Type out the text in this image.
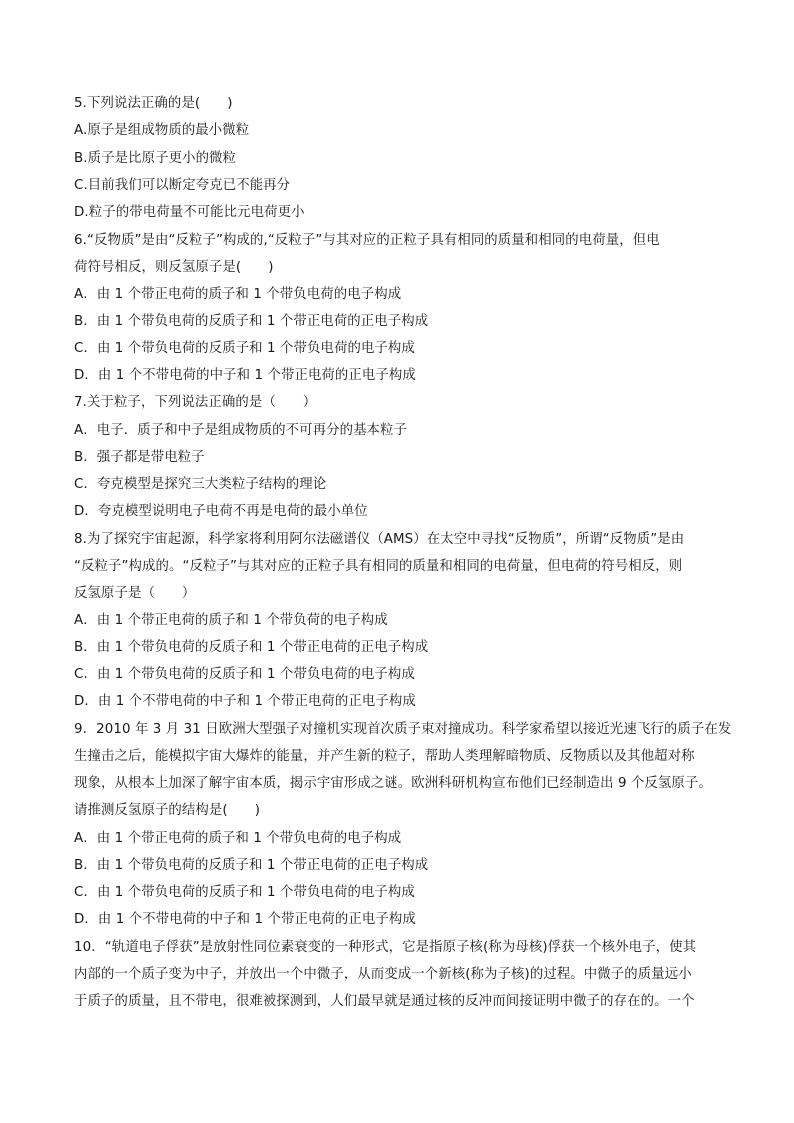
5.下列说法正确的是(　　)
A.原子是组成物质的最小微粒
B.质子是比原子更小的微粒
C.目前我们可以断定夸克已不能再分
D.粒子的带电荷量不可能比元电荷更小
6.“反物质”是由“反粒子”构成的,“反粒子”与其对应的正粒子具有相同的质量和相同的电荷量，但电
荷符号相反，则反氢原子是(　　)
A．由 1 个带正电荷的质子和 1 个带负电荷的电子构成
B．由 1 个带负电荷的反质子和 1 个带正电荷的正电子构成
C．由 1 个带负电荷的反质子和 1 个带负电荷的电子构成
D．由 1 个不带电荷的中子和 1 个带正电荷的正电子构成
7.关于粒子，下列说法正确的是（　　）
A．电子．质子和中子是组成物质的不可再分的基本粒子
B．强子都是带电粒子
C．夸克模型是探究三大类粒子结构的理论
D．夸克模型说明电子电荷不再是电荷的最小单位
8.为了探究宇宙起源，科学家将利用阿尔法磁谱仪（AMS）在太空中寻找“反物质”，所谓“反物质”是由
“反粒子”构成的。“反粒子”与其对应的正粒子具有相同的质量和相同的电荷量，但电荷的符号相反，则
反氢原子是（　　）
A．由 1 个带正电荷的质子和 1 个带负荷的电子构成
B．由 1 个带负电荷的反质子和 1 个带正电荷的正电子构成
C．由 1 个带负电荷的反质子和 1 个带负电荷的电子构成
D．由 1 个不带电荷的中子和 1 个带正电荷的正电子构成
9．2010 年 3 月 31 日欧洲大型强子对撞机实现首次质子束对撞成功。科学家希望以接近光速飞行的质子在发
生撞击之后，能模拟宇宙大爆炸的能量，并产生新的粒子，帮助人类理解暗物质、反物质以及其他超对称
现象，从根本上加深了解宇宙本质，揭示宇宙形成之谜。欧洲科研机构宣布他们已经制造出 9 个反氢原子。
请推测反氢原子的结构是(　　)
A．由 1 个带正电荷的质子和 1 个带负电荷的电子构成
B．由 1 个带负电荷的反质子和 1 个带正电荷的正电子构成
C．由 1 个带负电荷的反质子和 1 个带负电荷的电子构成
D．由 1 个不带电荷的中子和 1 个带正电荷的正电子构成
10．“轨道电子俘获”是放射性同位素衰变的一种形式，它是指原子核(称为母核)俘获一个核外电子，使其
内部的一个质子变为中子，并放出一个中微子，从而变成一个新核(称为子核)的过程。中微子的质量远小
于质子的质量，且不带电，很难被探测到，人们最早就是通过核的反冲而间接证明中微子的存在的。一个
